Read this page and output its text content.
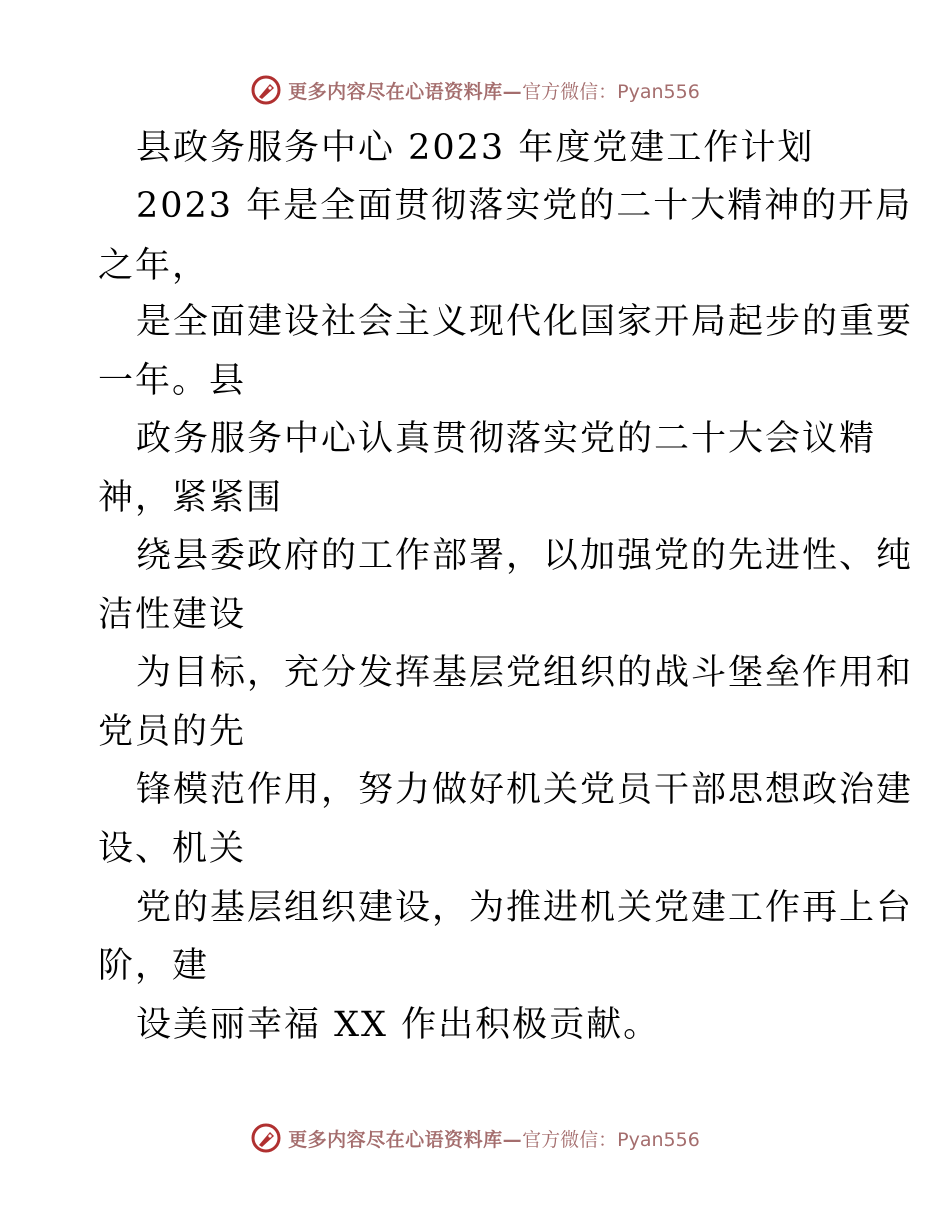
更多内容尽在心语资料库— 官方微信：Pyan556
县政务服务中心 2023 年度党建工作计划
2023 年是全面贯彻落实党的二十大精神的开局
之年，
是全面建设社会主义现代化国家开局起步的重要
一年。县
政务服务中心认真贯彻落实党的二十大会议精
神，紧紧围
绕县委政府的工作部署，以加强党的先进性、纯
洁性建设
为目标，充分发挥基层党组织的战斗堡垒作用和
党员的先
锋模范作用，努力做好机关党员干部思想政治建
设、机关
党的基层组织建设，为推进机关党建工作再上台
阶，建
设美丽幸福 XX 作出积极贡献。
更多内容尽在心语资料库— 官方微信：Pyan556
